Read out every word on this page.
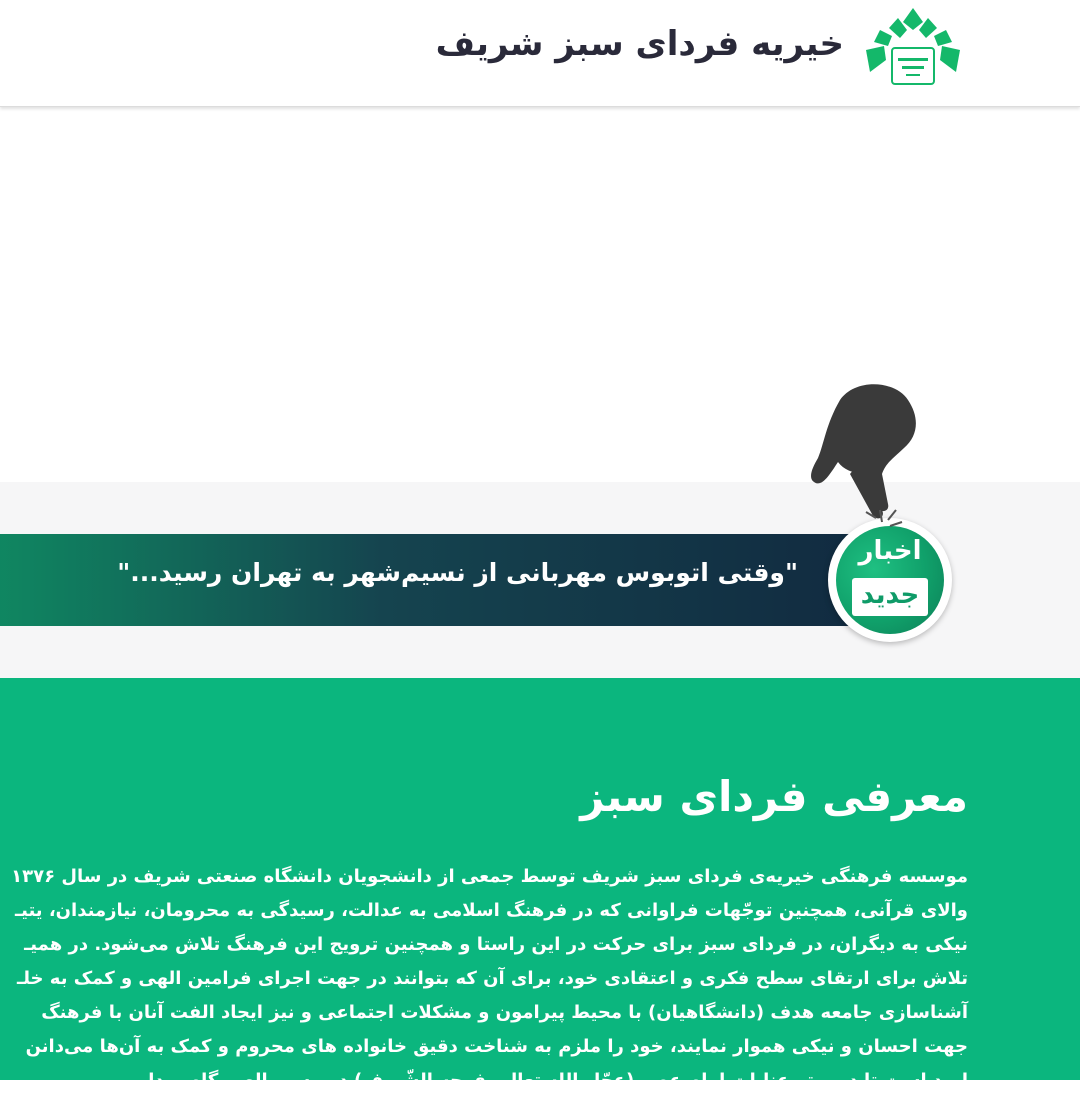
خیریه فردای سبز شریف
"وقتی اتوبوس مهربانی از نسیم‌شهر به تهران رسید..."
اخبار
جدید
معرفی فردای سبز
موسسه فرهنگی خیریه‌ی فردای سبز شریف توسط جمعی از دانشجویان دانشگاه صنعتی شریف در سال ۱۳۷۶
والای قرآنی، همچنین توجّهات فراوانی که در فرهنگ اسلامی به عدالت، رسیدگی به محرومان، نیازمندان، یتیـ
نیکی به دیگران، در فردای سبز برای حرکت در این راستا و همچنین ترویج این فرهنگ تلاش می‌شود. در همیـ
تلاش برای ارتقای سطح فکری و اعتقادی خود، برای آن که بتوانند در جهت اجرای فرامین الهی و کمک به خلـ
آشناسازی جامعه هدف (دانشگاهیان) با محیط پیرامون و مشکلات اجتماعی و نیز ایجاد الفت آنان با فرهنگ
جهت احسان و نیکی هموار نمایند، خود را ملزم به شناخت دقیق خانواده های محروم و کمک به آن‌ها می‌دانن
امید است تا در پرتو عنایات امام عصر (عجّل الله تعالی فرجه الشّریف) در مسیر الهی گام برداریم.
